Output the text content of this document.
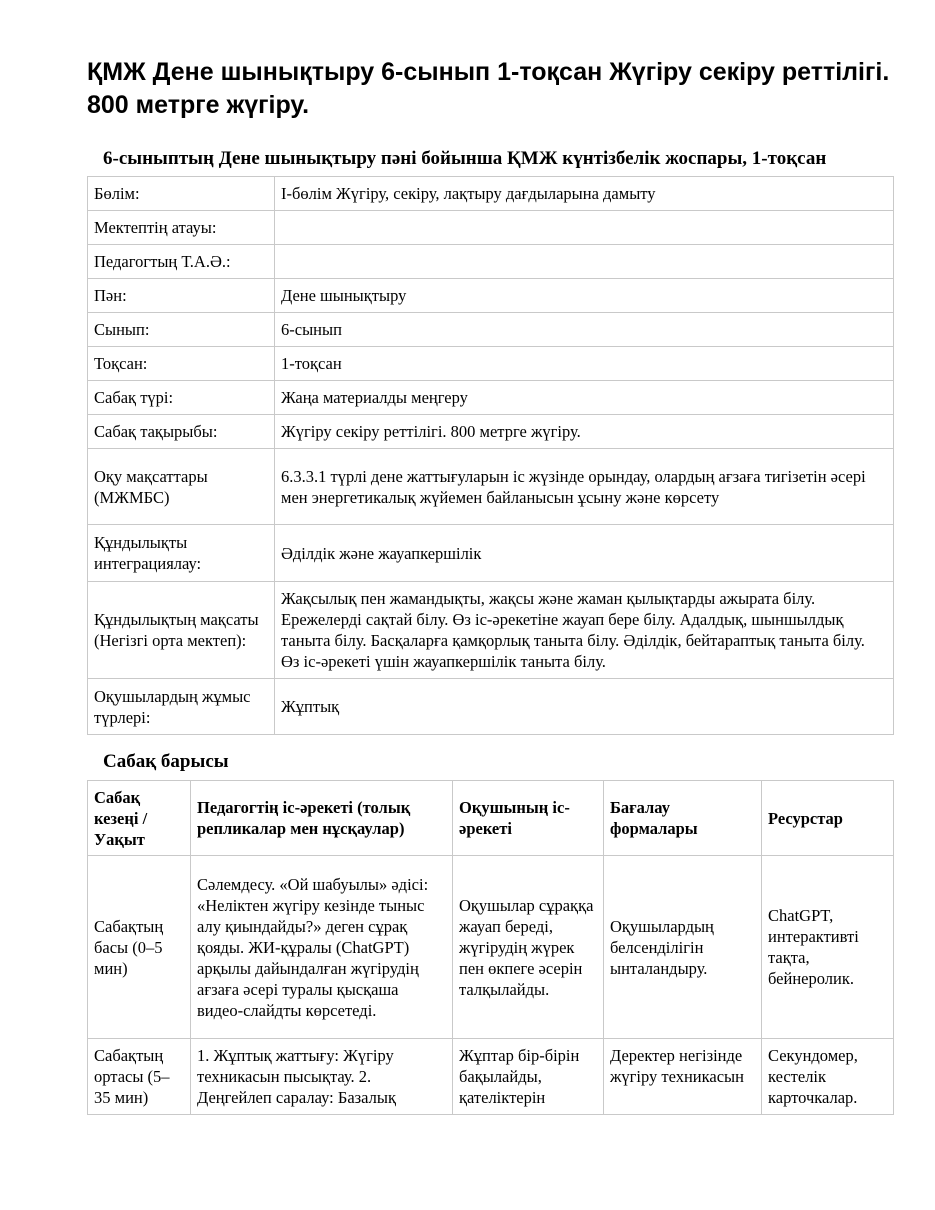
ҚМЖ Дене шынықтыру 6-сынып 1-тоқсан Жүгіру секіру реттілігі. 800 метрге жүгіру.
6-сыныптың Дене шынықтыру пәні бойынша ҚМЖ күнтізбелік жоспары, 1-тоқсан
Бөлім:	І-бөлім Жүгіру, секіру, лақтыру дағдыларына дамыту
Мектептің атауы:	
Педагогтың Т.А.Ә.:	
Пән:	Дене шынықтыру
Сынып:	6-сынып
Тоқсан:	1-тоқсан
Сабақ түрі:	Жаңа материалды меңгеру
Сабақ тақырыбы:	Жүгіру секіру реттілігі. 800 метрге жүгіру.
Оқу мақсаттары (МЖМБС)	6.3.3.1 түрлі дене жаттығуларын іс жүзінде орындау, олардың ағзаға тигізетін әсері мен энергетикалық жүйемен байланысын ұсыну және көрсету
Құндылықты интеграциялау:	Әділдік және жауапкершілік
Құндылықтың мақсаты (Негізгі орта мектеп):	Жақсылық пен жамандықты, жақсы және жаман қылықтарды ажырата білу. Ережелерді сақтай білу. Өз іс-әрекетіне жауап бере білу. Адалдық, шыншылдық таныта білу. Басқаларға қамқорлық таныта білу. Әділдік, бейтараптық таныта білу. Өз іс-әрекеті үшін жауапкершілік таныта білу.
Оқушылардың жұмыс түрлері:	Жұптық
Сабақ барысы
Сабақ кезеңі / Уақыт	Педагогтің іс-әрекеті (толық репликалар мен нұсқаулар)	Оқушының іс-әрекеті	Бағалау формалары	Ресурстар
Сабақтың басы (0–5 мин)	Сәлемдесу. «Ой шабуылы» әдісі: «Неліктен жүгіру кезінде тыныс алу қиындайды?» деген сұрақ қояды. ЖИ-құралы (ChatGPT) арқылы дайындалған жүгірудің ағзаға әсері туралы қысқаша видео-слайдты көрсетеді.	Оқушылар сұраққа жауап береді, жүгірудің жүрек пен өкпеге әсерін талқылайды.	Оқушылардың белсенділігін ынталандыру.	ChatGPT, интерактивті тақта, бейнеролик.
Сабақтың ортасы (5–35 мин)	1. Жұптық жаттығу: Жүгіру техникасын пысықтау. 2. Деңгейлеп саралау: Базалық	Жұптар бір-бірін бақылайды, қателіктерін	Деректер негізінде жүгіру техникасын	Секундомер, кестелік карточкалар.
